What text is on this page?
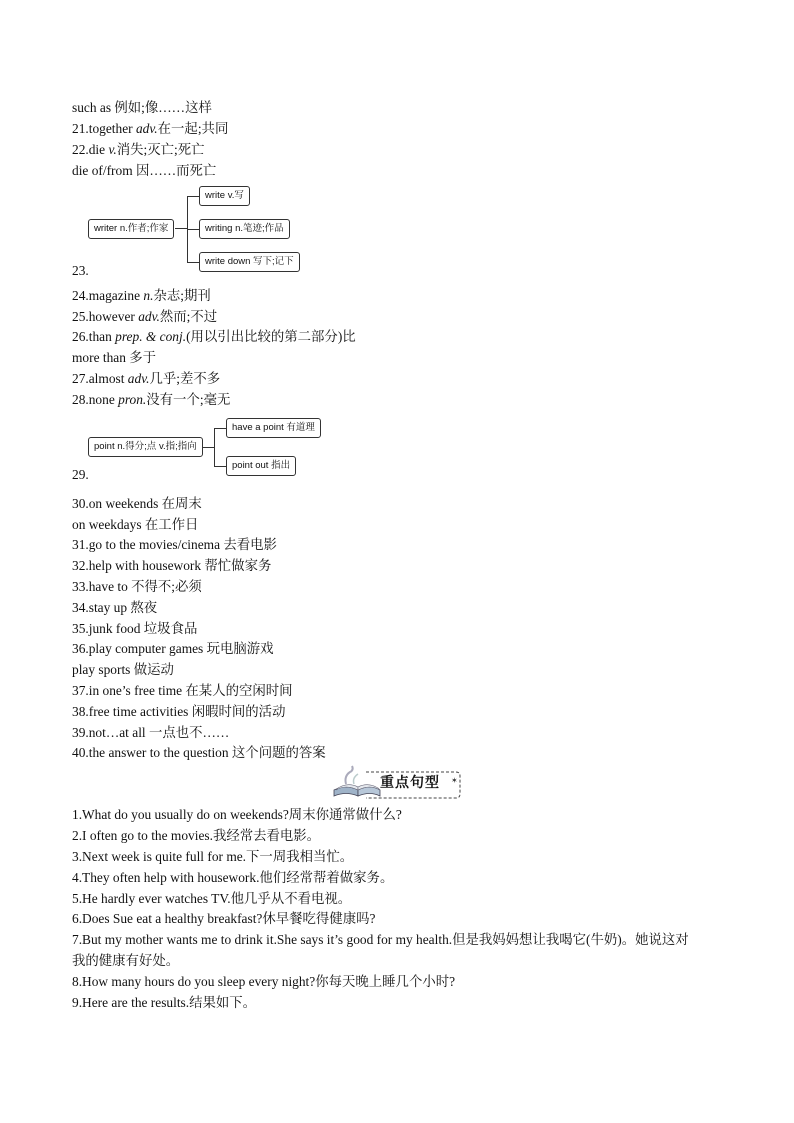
such as 例如;像……这样
21.together adv.在一起;共同
22.die v.消失;灭亡;死亡
die of/from 因……而死亡
writer n.作者;作家
write v.写
writing n.笔迹;作品
write down 写下;记下
23.
24.magazine n.杂志;期刊
25.however adv.然而;不过
26.than prep. & conj.(用以引出比较的第二部分)比
more than 多于
27.almost adv.几乎;差不多
28.none pron.没有一个;毫无
point n.得分;点 v.指;指向
have a point 有道理
point out 指出
29.
30.on weekends 在周末
on weekdays 在工作日
31.go to the movies/cinema 去看电影
32.help with housework 帮忙做家务
33.have to 不得不;必须
34.stay up 熬夜
35.junk food 垃圾食品
36.play computer games 玩电脑游戏
play sports 做运动
37.in one’s free time 在某人的空闲时间
38.free time activities 闲暇时间的活动
39.not…at all 一点也不……
40.the answer to the question 这个问题的答案
✶
重点句型
1.What do you usually do on weekends?周末你通常做什么?
2.I often go to the movies.我经常去看电影。
3.Next week is quite full for me.下一周我相当忙。
4.They often help with housework.他们经常帮着做家务。
5.He hardly ever watches TV.他几乎从不看电视。
6.Does Sue eat a healthy breakfast?休早餐吃得健康吗?
7.But my mother wants me to drink it.She says it’s good for my health.但是我妈妈想让我喝它(牛奶)。她说这对
我的健康有好处。
8.How many hours do you sleep every night?你每天晚上睡几个小时?
9.Here are the results.结果如下。
